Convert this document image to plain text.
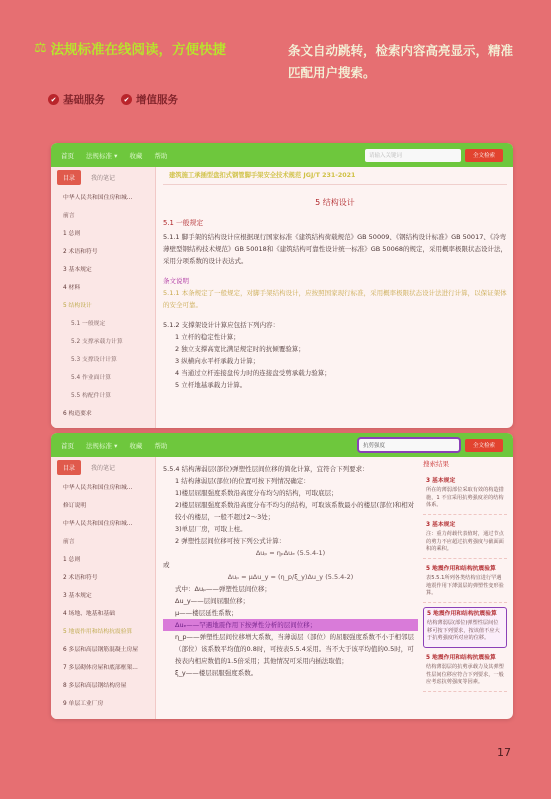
⚖ 法规标准在线阅读，方便快捷	条文自动跳转，检索内容高亮显示，精准匹配用户搜索。
✔ 基础服务	✔ 增值服务
首页 法规标准 ▾ 收藏 帮助	请输入关键词	全文检索
目录	我的笔记
中华人民共和国住房和城...
前言
1 总则
2 术语和符号
3 基本规定
4 材料
5 结构设计
5.1 一般规定
5.2 支撑承载力计算
5.3 支撑设计计算
5.4 作业面计算
5.5 构配件计算
6 构造要求
建筑施工承插型盘扣式钢管脚手架安全技术规范 JGJ/T 231-2021
5 结构设计
5.1 一般规定
5.1.1 脚手架的结构设计应根据现行国家标准《建筑结构荷载规范》GB 50009、《钢结构设计标准》GB 50017、《冷弯薄壁型钢结构技术规范》GB 50018和《建筑结构可靠性设计统一标准》GB 50068的规定，采用概率极限状态设计法，采用分项系数的设计表达式。
条文说明
5.1.1 本条规定了一般规定，对脚手架结构设计，应按照国家现行标准，采用概率极限状态设计法进行计算，以保证架体的安全可靠。
5.1.2 支撑架设计计算应包括下列内容：
1 立杆的稳定性计算；
2 独立支撑高宽比满足规定时的抗倾覆验算；
3 纵横向水平杆承载力计算；
4 当通过立杆连接盘传力时的连接盘受剪承载力验算；
5 立杆地基承载力计算。
首页 法规标准 ▾ 收藏 帮助	抗剪强度	全文检索
目录	我的笔记
中华人民共和国住房和城...
修订说明
中华人民共和国住房和城...
前言
1 总则
2 术语和符号
3 基本规定
4 场地、地基和基础
5 地震作用和结构抗震验算
6 多层和高层钢筋混凝土房屋
7 多层砌体房屋和底部框架...
8 多层和高层钢结构房屋
9 单层工业厂房
5.5.4 结构薄弱层(部位)弹塑性层间位移的简化计算，宜符合下列要求：
1 结构薄弱层(部位)的位置可按下列情况确定：
1)楼层屈服强度系数沿高度分布均匀的结构，可取底层；
2)楼层屈服强度系数沿高度分布不均匀的结构，可取该系数最小的楼层(部位)和相对较小的楼层，一般不超过2～3处；
3)单层厂房，可取上柱。
2 弹塑性层间位移可按下列公式计算：
Δuₚ = ηₚΔuₑ (5.5.4-1)
或
Δuₚ = μΔu_y = (η_p/ξ_y)Δu_y (5.5.4-2)
式中：Δuₚ——弹塑性层间位移；
Δu_y——层间屈服位移；
μ——楼层延性系数；
Δuₑ——罕遇地震作用下按弹性分析的层间位移；
η_p——弹塑性层间位移增大系数，当薄弱层（部位）的屈服强度系数不小于相邻层（部位）该系数平均值的0.8时，可按表5.5.4采用。当不大于该平均值的0.5时，可按表内相应数值的1.5倍采用；其他情况可采用内插法取值；
ξ_y——楼层屈服强度系数。
搜索结果
3 基本规定
所在的薄弱部位采取有效的构造措施，1 不宜采用抗剪强度差的结构体系。
3 基本规定
注：重力荷载代表值时，通过节点的剪力不应超过抗剪强度与截面面积的乘积。
5 地震作用和结构抗震验算
表5.5.1所列各类结构宜进行罕遇地震作用下薄弱层的弹塑性变形验算。
5 地震作用和结构抗震验算
结构薄弱层(部位)弹塑性层间位移可按下列要求，按该值不应大于抗剪强度所对应的位移。
5 地震作用和结构抗震验算
结构薄弱层的抗剪承载力及其弹塑性层间位移应符合下列要求，一般应考虑抗剪强度等因素。
17
